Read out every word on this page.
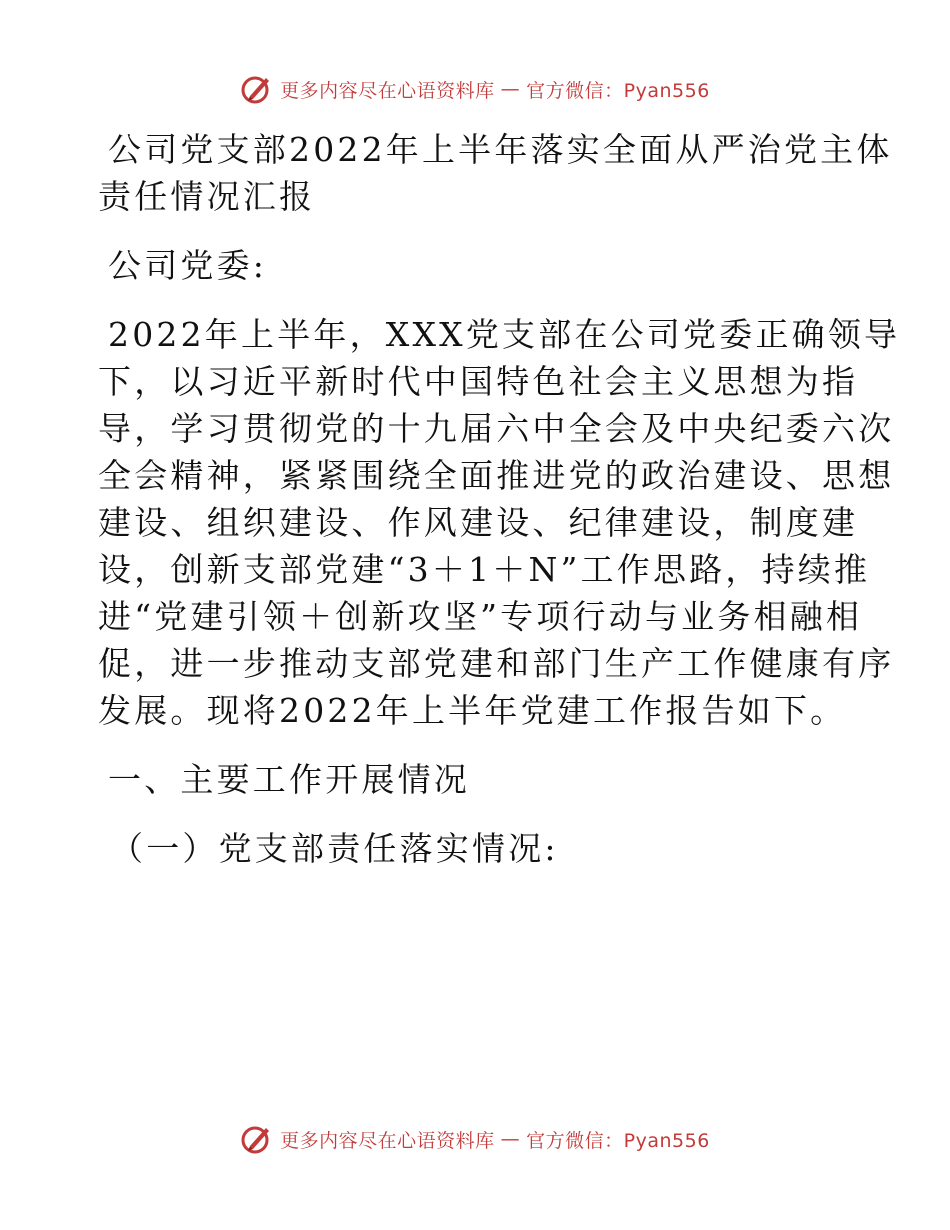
更多内容尽在心语资料库 — 官方微信：Pyan556
公司党支部2022年上半年落实全面从严治党主体
责任情况汇报
公司党委:
2022年上半年，XXX党支部在公司党委正确领导
下，以习近平新时代中国特色社会主义思想为指
导，学习贯彻党的十九届六中全会及中央纪委六次
全会精神，紧紧围绕全面推进党的政治建设、思想
建设、组织建设、作风建设、纪律建设，制度建
设，创新支部党建“3＋1＋N”工作思路，持续推
进“党建引领＋创新攻坚”专项行动与业务相融相
促，进一步推动支部党建和部门生产工作健康有序
发展。现将2022年上半年党建工作报告如下。
一、主要工作开展情况
（一）党支部责任落实情况:
更多内容尽在心语资料库 — 官方微信：Pyan556
